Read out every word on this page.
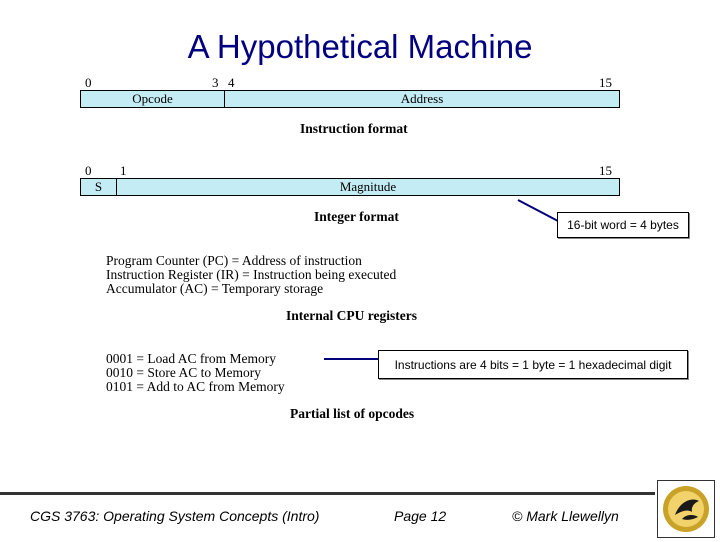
A Hypothetical Machine
0	3 4	15
Opcode	Address
Instruction format
0 1	15
S	Magnitude
Integer format
Program Counter (PC) = Address of instruction
Instruction Register (IR) = Instruction being executed
Accumulator (AC) = Temporary storage
Internal CPU registers
0001 = Load AC from Memory
0010 = Store AC to Memory
0101 = Add to AC from Memory
Partial list of opcodes
16-bit word = 4 bytes
Instructions are 4 bits = 1 byte = 1 hexadecimal digit
CGS 3763: Operating System Concepts (Intro)	Page 12	© Mark Llewellyn
